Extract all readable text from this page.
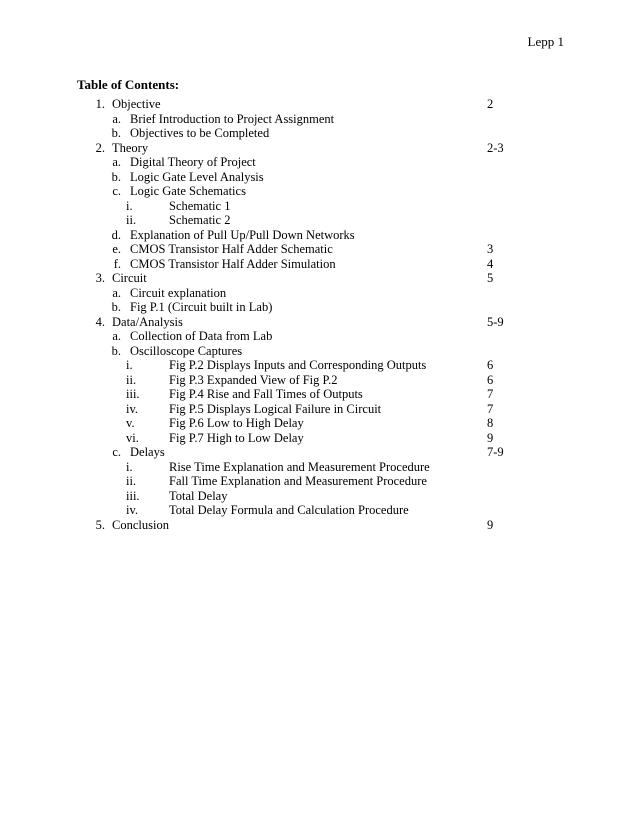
Lepp 1
Table of Contents:
1. Objective	2
a. Brief Introduction to Project Assignment
b. Objectives to be Completed
2. Theory	2-3
a. Digital Theory of Project
b. Logic Gate Level Analysis
c. Logic Gate Schematics
i.	Schematic 1
ii.	Schematic 2
d. Explanation of Pull Up/Pull Down Networks
e. CMOS Transistor Half Adder Schematic	3
f. CMOS Transistor Half Adder Simulation	4
3. Circuit	5
a. Circuit explanation
b. Fig P.1 (Circuit built in Lab)
4. Data/Analysis	5-9
a. Collection of Data from Lab
b. Oscilloscope Captures
i.	Fig P.2 Displays Inputs and Corresponding Outputs	6
ii.	Fig P.3 Expanded View of Fig P.2	6
iii.	Fig P.4 Rise and Fall Times of Outputs	7
iv.	Fig P.5 Displays Logical Failure in Circuit	7
v.	Fig P.6 Low to High Delay	8
vi.	Fig P.7 High to Low Delay	9
c. Delays	7-9
i.	Rise Time Explanation and Measurement Procedure
ii.	Fall Time Explanation and Measurement Procedure
iii.	Total Delay
iv.	Total Delay Formula and Calculation Procedure
5. Conclusion	9
